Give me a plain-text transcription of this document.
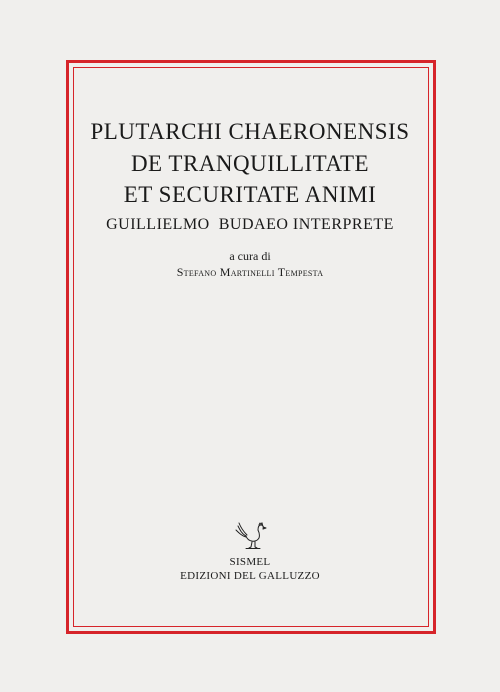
PLUTARCHI CHAERONENSIS
DE TRANQUILLITATE
ET SECURITATE ANIMI
GUILLIELMO  BUDAEO INTERPRETE
a cura di
Stefano Martinelli Tempesta
SISMEL
EDIZIONI DEL GALLUZZO
